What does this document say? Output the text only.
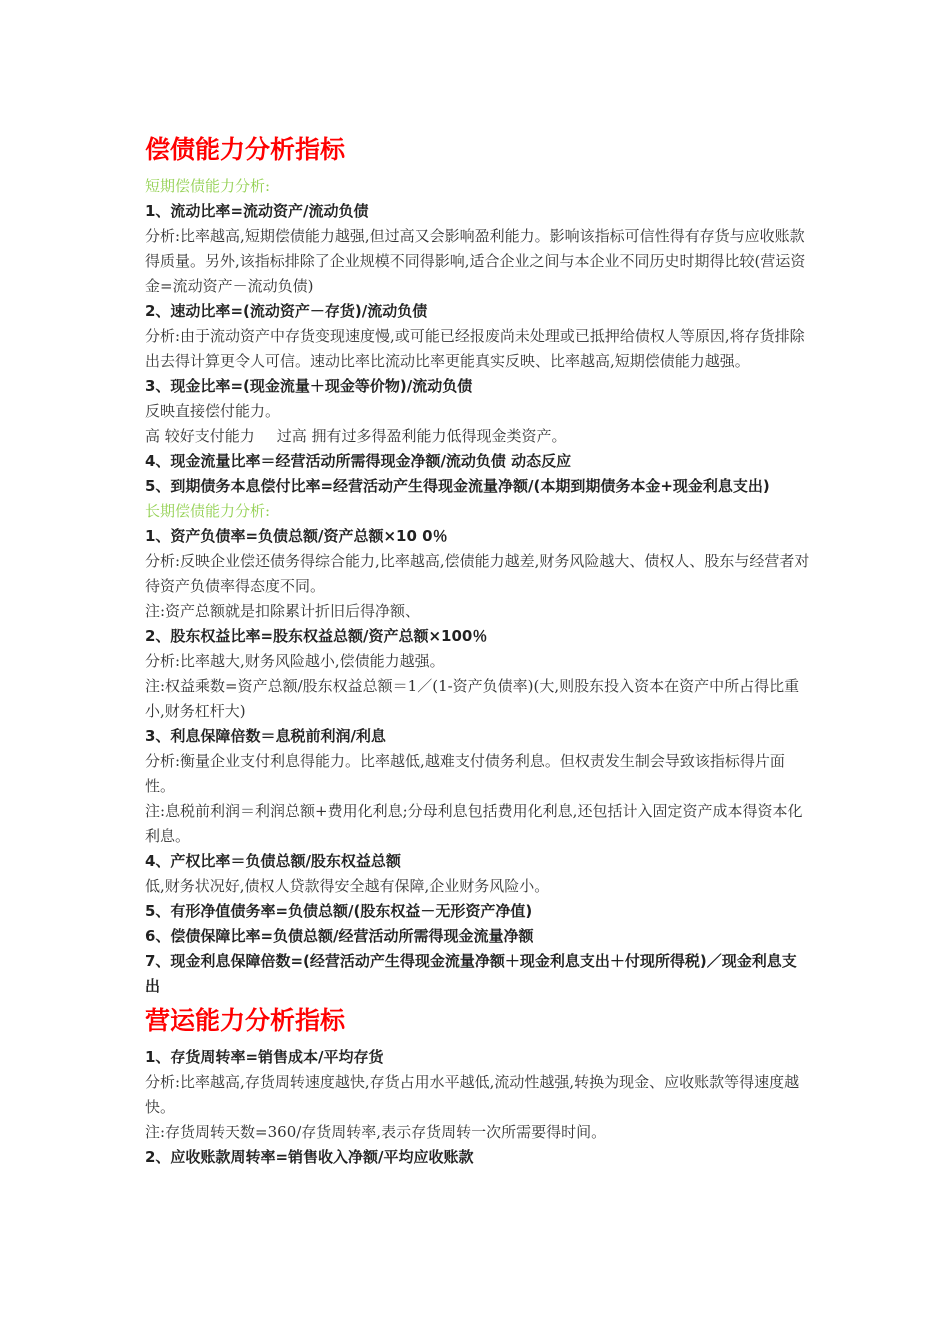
偿债能力分析指标

短期偿债能力分析:

1、流动比率=流动资产/流动负债

分析:比率越高,短期偿债能力越强,但过高又会影响盈利能力。影响该指标可信性得有存货与应收账款得质量。另外,该指标排除了企业规模不同得影响,适合企业之间与本企业不同历史时期得比较(营运资金=流动资产－流动负债)

2、速动比率=(流动资产－存货)/流动负债

分析:由于流动资产中存货变现速度慢,或可能已经报废尚未处理或已抵押给债权人等原因,将存货排除出去得计算更令人可信。速动比率比流动比率更能真实反映、比率越高,短期偿债能力越强。

3、现金比率=(现金流量＋现金等价物)/流动负债

反映直接偿付能力。

高 较好支付能力 过高 拥有过多得盈利能力低得现金类资产。

4、现金流量比率＝经营活动所需得现金净额/流动负债 动态反应

5、到期债务本息偿付比率=经营活动产生得现金流量净额/(本期到期债务本金+现金利息支出)

长期偿债能力分析:

1、资产负债率=负债总额/资产总额×10 0％

分析:反映企业偿还债务得综合能力,比率越高,偿债能力越差,财务风险越大、债权人、股东与经营者对待资产负债率得态度不同。

注:资产总额就是扣除累计折旧后得净额、

2、股东权益比率=股东权益总额/资产总额×100％

分析:比率越大,财务风险越小,偿债能力越强。

注:权益乘数=资产总额/股东权益总额＝1／(1-资产负债率)(大,则股东投入资本在资产中所占得比重小,财务杠杆大)

3、利息保障倍数＝息税前利润/利息

分析:衡量企业支付利息得能力。比率越低,越难支付债务利息。但权责发生制会导致该指标得片面性。

注:息税前利润＝利润总额+费用化利息;分母利息包括费用化利息,还包括计入固定资产成本得资本化利息。

4、产权比率＝负债总额/股东权益总额

低,财务状况好,债权人贷款得安全越有保障,企业财务风险小。

5、有形净值债务率=负债总额/(股东权益－无形资产净值)

6、偿债保障比率=负债总额/经营活动所需得现金流量净额

7、现金利息保障倍数=(经营活动产生得现金流量净额＋现金利息支出＋付现所得税)／现金利息支出

营运能力分析指标

1、存货周转率=销售成本/平均存货

分析:比率越高,存货周转速度越快,存货占用水平越低,流动性越强,转换为现金、应收账款等得速度越快。

注:存货周转天数=360/存货周转率,表示存货周转一次所需要得时间。

2、应收账款周转率=销售收入净额/平均应收账款
